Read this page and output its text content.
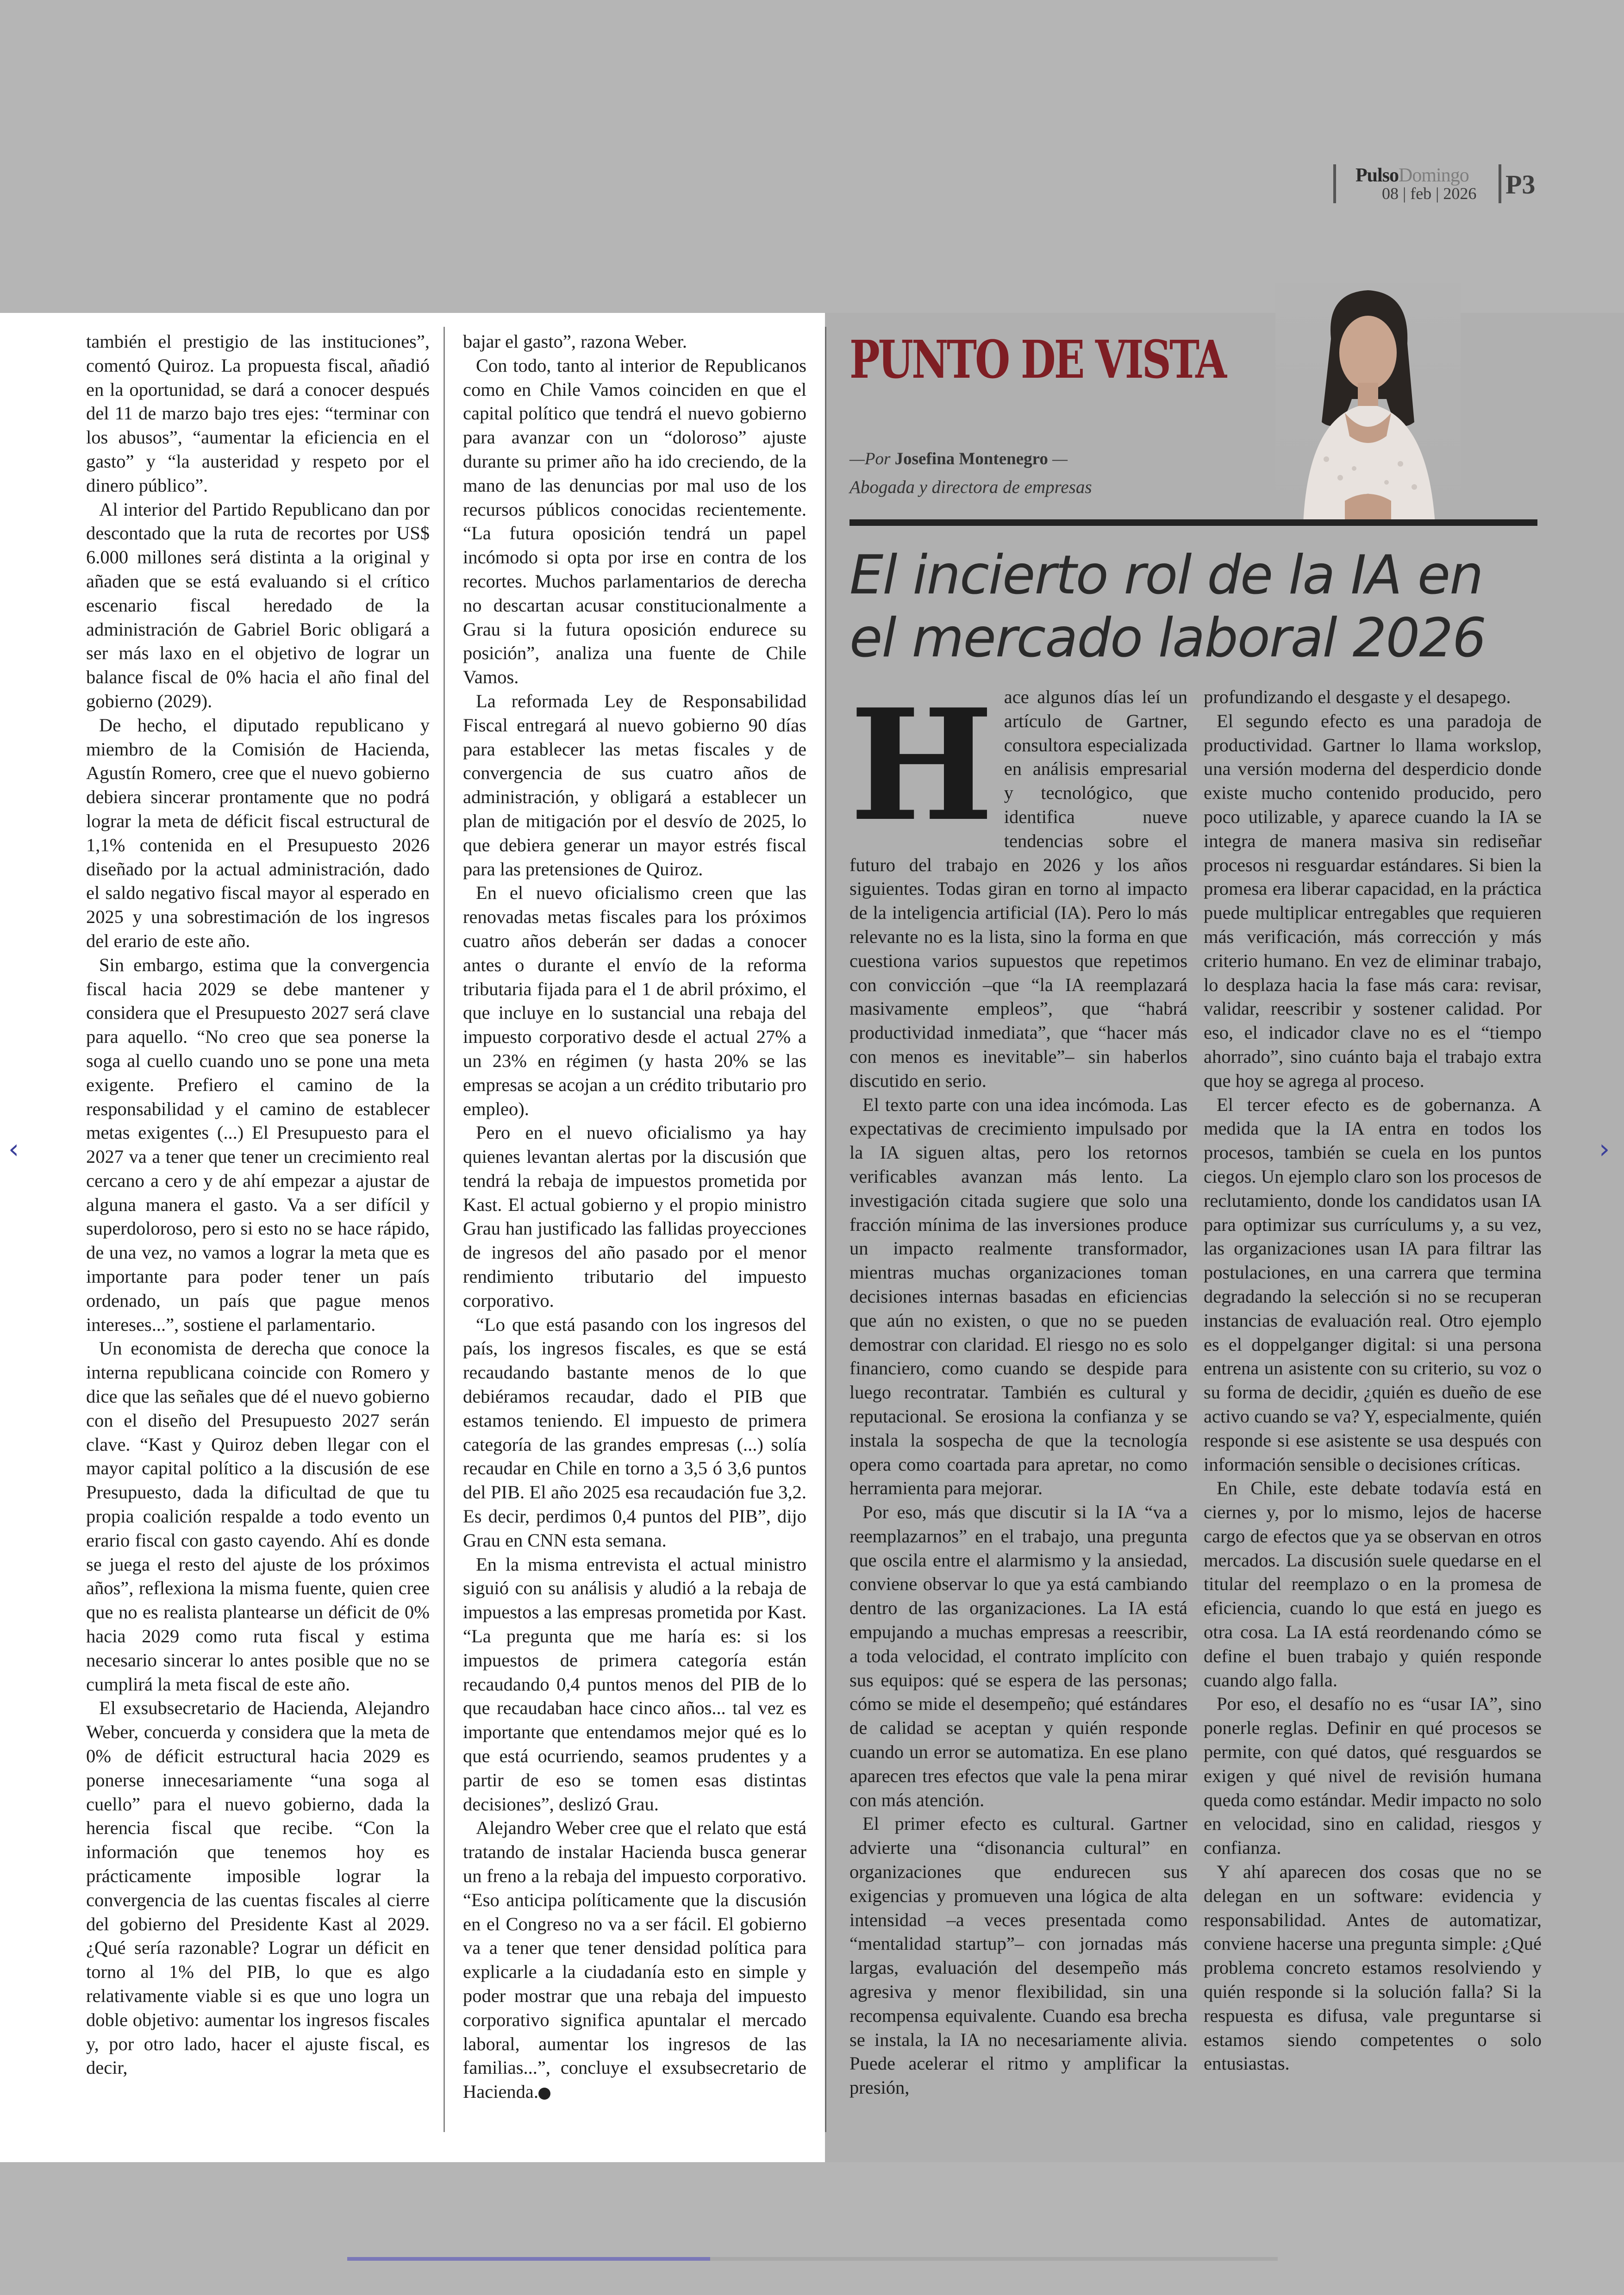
PulsoDomingo
08 | feb | 2026 P3

también el prestigio de las instituciones”, comentó Quiroz. La propuesta fiscal, añadió en la oportunidad, se dará a conocer después del 11 de marzo bajo tres ejes: “terminar con los abusos”, “aumentar la eficiencia en el gasto” y “la austeridad y respeto por el dinero público”.

Al interior del Partido Republicano dan por descontado que la ruta de recortes por US$ 6.000 millones será distinta a la original y añaden que se está evaluando si el crítico escenario fiscal heredado de la administración de Gabriel Boric obligará a ser más laxo en el objetivo de lograr un balance fiscal de 0% hacia el año final del gobierno (2029).

De hecho, el diputado republicano y miembro de la Comisión de Hacienda, Agustín Romero, cree que el nuevo gobierno debiera sincerar prontamente que no podrá lograr la meta de déficit fiscal estructural de 1,1% contenida en el Presupuesto 2026 diseñado por la actual administración, dado el saldo negativo fiscal mayor al esperado en 2025 y una sobrestimación de los ingresos del erario de este año.

Sin embargo, estima que la convergencia fiscal hacia 2029 se debe mantener y considera que el Presupuesto 2027 será clave para aquello. “No creo que sea ponerse la soga al cuello cuando uno se pone una meta exigente. Prefiero el camino de la responsabilidad y el camino de establecer metas exigentes (...) El Presupuesto para el 2027 va a tener que tener un crecimiento real cercano a cero y de ahí empezar a ajustar de alguna manera el gasto. Va a ser difícil y superdoloroso, pero si esto no se hace rápido, de una vez, no vamos a lograr la meta que es importante para poder tener un país ordenado, un país que pague menos intereses...”, sostiene el parlamentario.

Un economista de derecha que conoce la interna republicana coincide con Romero y dice que las señales que dé el nuevo gobierno con el diseño del Presupuesto 2027 serán clave. “Kast y Quiroz deben llegar con el mayor capital político a la discusión de ese Presupuesto, dada la dificultad de que tu propia coalición respalde a todo evento un erario fiscal con gasto cayendo. Ahí es donde se juega el resto del ajuste de los próximos años”, reflexiona la misma fuente, quien cree que no es realista plantearse un déficit de 0% hacia 2029 como ruta fiscal y estima necesario sincerar lo antes posible que no se cumplirá la meta fiscal de este año.

El exsubsecretario de Hacienda, Alejandro Weber, concuerda y considera que la meta de 0% de déficit estructural hacia 2029 es ponerse innecesariamente “una soga al cuello” para el nuevo gobierno, dada la herencia fiscal que recibe. “Con la información que tenemos hoy es prácticamente imposible lograr la convergencia de las cuentas fiscales al cierre del gobierno del Presidente Kast al 2029. ¿Qué sería razonable? Lograr un déficit en torno al 1% del PIB, lo que es algo relativamente viable si es que uno logra un doble objetivo: aumentar los ingresos fiscales y, por otro lado, hacer el ajuste fiscal, es decir,

bajar el gasto”, razona Weber.

Con todo, tanto al interior de Republicanos como en Chile Vamos coinciden en que el capital político que tendrá el nuevo gobierno para avanzar con un “doloroso” ajuste durante su primer año ha ido creciendo, de la mano de las denuncias por mal uso de los recursos públicos conocidas recientemente. “La futura oposición tendrá un papel incómodo si opta por irse en contra de los recortes. Muchos parlamentarios de derecha no descartan acusar constitucionalmente a Grau si la futura oposición endurece su posición”, analiza una fuente de Chile Vamos.

La reformada Ley de Responsabilidad Fiscal entregará al nuevo gobierno 90 días para establecer las metas fiscales y de convergencia de sus cuatro años de administración, y obligará a establecer un plan de mitigación por el desvío de 2025, lo que debiera generar un mayor estrés fiscal para las pretensiones de Quiroz.

En el nuevo oficialismo creen que las renovadas metas fiscales para los próximos cuatro años deberán ser dadas a conocer antes o durante el envío de la reforma tributaria fijada para el 1 de abril próximo, el que incluye en lo sustancial una rebaja del impuesto corporativo desde el actual 27% a un 23% en régimen (y hasta 20% se las empresas se acojan a un crédito tributario pro empleo).

Pero en el nuevo oficialismo ya hay quienes levantan alertas por la discusión que tendrá la rebaja de impuestos prometida por Kast. El actual gobierno y el propio ministro Grau han justificado las fallidas proyecciones de ingresos del año pasado por el menor rendimiento tributario del impuesto corporativo.

“Lo que está pasando con los ingresos del país, los ingresos fiscales, es que se está recaudando bastante menos de lo que debiéramos recaudar, dado el PIB que estamos teniendo. El impuesto de primera categoría de las grandes empresas (...) solía recaudar en Chile en torno a 3,5 ó 3,6 puntos del PIB. El año 2025 esa recaudación fue 3,2. Es decir, perdimos 0,4 puntos del PIB”, dijo Grau en CNN esta semana.

En la misma entrevista el actual ministro siguió con su análisis y aludió a la rebaja de impuestos a las empresas prometida por Kast. “La pregunta que me haría es: si los impuestos de primera categoría están recaudando 0,4 puntos menos del PIB de lo que recaudaban hace cinco años... tal vez es importante que entendamos mejor qué es lo que está ocurriendo, seamos prudentes y a partir de eso se tomen esas distintas decisiones”, deslizó Grau.

Alejandro Weber cree que el relato que está tratando de instalar Hacienda busca generar un freno a la rebaja del impuesto corporativo. “Eso anticipa políticamente que la discusión en el Congreso no va a ser fácil. El gobierno va a tener que tener densidad política para explicarle a la ciudadanía esto en simple y poder mostrar que una rebaja del impuesto corporativo significa apuntalar el mercado laboral, aumentar los ingresos de las familias...”, concluye el exsubsecretario de Hacienda. P

PUNTO DE VISTA
—Por Josefina Montenegro —
Abogada y directora de empresas
El incierto rol de la IA en el mercado laboral 2026
H ace algunos días leí un artículo de Gartner, consultora especializada en análisis empresarial y tecnológico, que identifica nueve tendencias sobre el futuro del trabajo en 2026 y los años siguientes. Todas giran en torno al impacto de la inteligencia artificial (IA). Pero lo más relevante no es la lista, sino la forma en que cuestiona varios supuestos que repetimos con convicción –que “la IA reemplazará masivamente empleos”, que “habrá productividad inmediata”, que “hacer más con menos es inevitable”– sin haberlos discutido en serio.

El texto parte con una idea incómoda. Las expectativas de crecimiento impulsado por la IA siguen altas, pero los retornos verificables avanzan más lento. La investigación citada sugiere que solo una fracción mínima de las inversiones produce un impacto realmente transformador, mientras muchas organizaciones toman decisiones internas basadas en eficiencias que aún no existen, o que no se pueden demostrar con claridad. El riesgo no es solo financiero, como cuando se despide para luego recontratar. También es cultural y reputacional. Se erosiona la confianza y se instala la sospecha de que la tecnología opera como coartada para apretar, no como herramienta para mejorar.

Por eso, más que discutir si la IA “va a reemplazarnos” en el trabajo, una pregunta que oscila entre el alarmismo y la ansiedad, conviene observar lo que ya está cambiando dentro de las organizaciones. La IA está empujando a muchas empresas a reescribir, a toda velocidad, el contrato implícito con sus equipos: qué se espera de las personas; cómo se mide el desempeño; qué estándares de calidad se aceptan y quién responde cuando un error se automatiza. En ese plano aparecen tres efectos que vale la pena mirar con más atención.

El primer efecto es cultural. Gartner advierte una “disonancia cultural” en organizaciones que endurecen sus exigencias y promueven una lógica de alta intensidad –a veces presentada como “mentalidad startup”– con jornadas más largas, evaluación del desempeño más agresiva y menor flexibilidad, sin una recompensa equivalente. Cuando esa brecha se instala, la IA no necesariamente alivia. Puede acelerar el ritmo y amplificar la presión,

profundizando el desgaste y el desapego.

El segundo efecto es una paradoja de productividad. Gartner lo llama workslop, una versión moderna del desperdicio donde existe mucho contenido producido, pero poco utilizable, y aparece cuando la IA se integra de manera masiva sin rediseñar procesos ni resguardar estándares. Si bien la promesa era liberar capacidad, en la práctica puede multiplicar entregables que requieren más verificación, más corrección y más criterio humano. En vez de eliminar trabajo, lo desplaza hacia la fase más cara: revisar, validar, reescribir y sostener calidad. Por eso, el indicador clave no es el “tiempo ahorrado”, sino cuánto baja el trabajo extra que hoy se agrega al proceso.

El tercer efecto es de gobernanza. A medida que la IA entra en todos los procesos, también se cuela en los puntos ciegos. Un ejemplo claro son los procesos de reclutamiento, donde los candidatos usan IA para optimizar sus currículums y, a su vez, las organizaciones usan IA para filtrar las postulaciones, en una carrera que termina degradando la selección si no se recuperan instancias de evaluación real. Otro ejemplo es el doppelganger digital: si una persona entrena un asistente con su criterio, su voz o su forma de decidir, ¿quién es dueño de ese activo cuando se va? Y, especialmente, quién responde si ese asistente se usa después con información sensible o decisiones críticas.

En Chile, este debate todavía está en ciernes y, por lo mismo, lejos de hacerse cargo de efectos que ya se observan en otros mercados. La discusión suele quedarse en el titular del reemplazo o en la promesa de eficiencia, cuando lo que está en juego es otra cosa. La IA está reordenando cómo se define el buen trabajo y quién responde cuando algo falla.

Por eso, el desafío no es “usar IA”, sino ponerle reglas. Definir en qué procesos se permite, con qué datos, qué resguardos se exigen y qué nivel de revisión humana queda como estándar. Medir impacto no solo en velocidad, sino en calidad, riesgos y confianza.

Y ahí aparecen dos cosas que no se delegan en un software: evidencia y responsabilidad. Antes de automatizar, conviene hacerse una pregunta simple: ¿Qué problema concreto estamos resolviendo y quién responde si la solución falla? Si la respuesta es difusa, vale preguntarse si estamos siendo competentes o solo entusiastas.

‹	›
